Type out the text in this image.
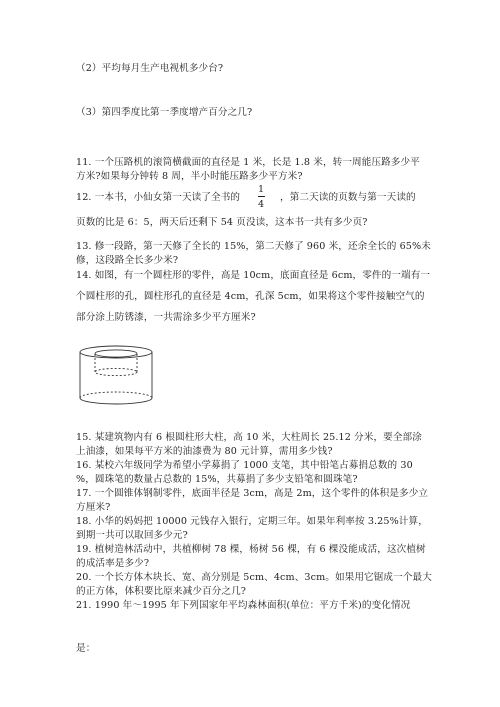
（2）平均每月生产电视机多少台?
（3）第四季度比第一季度增产百分之几?
11. 一个压路机的滚筒横截面的直径是 1 米，长是 1.8 米，转一周能压路多少平
方米?如果每分钟转 8 周，半小时能压路多少平方米?
12. 一本书，小仙女第一天读了全书的
1
4
，第二天读的页数与第一天读的
页数的比是 6：5，两天后还剩下 54 页没读，这本书一共有多少页?
13. 修一段路，第一天修了全长的 15%，第二天修了 960 米，还余全长的 65%未
修，这段路全长多少米?
14. 如图，有一个圆柱形的零件，高是 10cm，底面直径是 6cm，零件的一端有一
个圆柱形的孔，圆柱形孔的直径是 4cm，孔深 5cm，如果将这个零件接触空气的
部分涂上防锈漆，一共需涂多少平方厘米?
15. 某建筑物内有 6 根圆柱形大柱，高 10 米，大柱周长 25.12 分米，要全部涂
上油漆，如果每平方米的油漆费为 80 元计算，需用多少钱?
16. 某校六年级同学为希望小学募捐了 1000 支笔，其中铅笔占募捐总数的 30
%，圆珠笔的数量占总数的 15%，共募捐了多少支铅笔和圆珠笔?
17. 一个圆锥体钢制零件，底面半径是 3cm，高是 2m，这个零件的体积是多少立
方厘米?
18. 小华的妈妈把 10000 元钱存入银行，定期三年。如果年利率按 3.25%计算，
到期一共可以取回多少元?
19. 植树造林活动中，共植柳树 78 棵，杨树 56 棵，有 6 棵没能成活，这次植树
的成活率是多少?
20. 一个长方体木块长、宽、高分别是 5cm、4cm、3cm。如果用它锯成一个最大
的正方体，体积要比原来减少百分之几?
21. 1990 年～1995 年下列国家年平均森林面积(单位：平方千米)的变化情况
是：
